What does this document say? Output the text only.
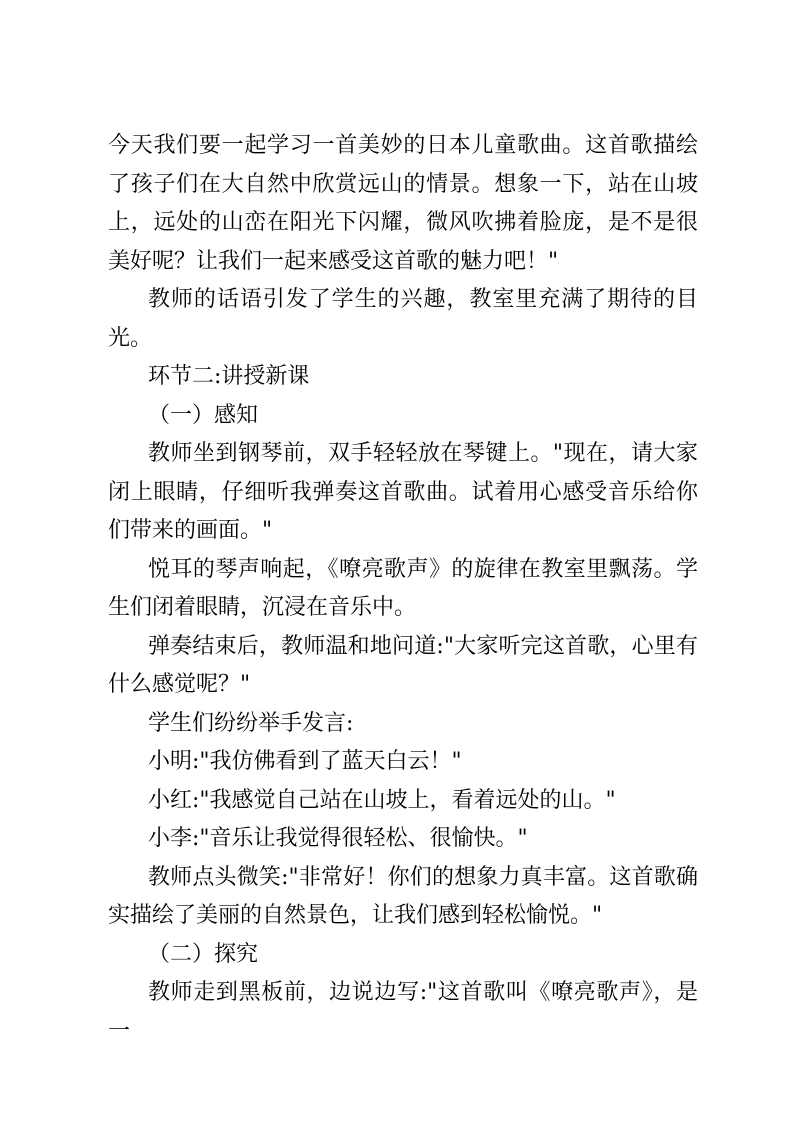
今天我们要一起学习一首美妙的日本儿童歌曲。这首歌描绘了孩子们在大自然中欣赏远山的情景。想象一下，站在山坡上，远处的山峦在阳光下闪耀，微风吹拂着脸庞，是不是很美好呢？让我们一起来感受这首歌的魅力吧！"

教师的话语引发了学生的兴趣，教室里充满了期待的目光。

环节二:讲授新课

（一）感知

教师坐到钢琴前，双手轻轻放在琴键上。"现在，请大家闭上眼睛，仔细听我弹奏这首歌曲。试着用心感受音乐给你们带来的画面。"

悦耳的琴声响起，《嘹亮歌声》的旋律在教室里飘荡。学生们闭着眼睛，沉浸在音乐中。

弹奏结束后，教师温和地问道:"大家听完这首歌，心里有什么感觉呢？"

学生们纷纷举手发言:

小明:"我仿佛看到了蓝天白云！"

小红:"我感觉自己站在山坡上，看着远处的山。"

小李:"音乐让我觉得很轻松、很愉快。"

教师点头微笑:"非常好！你们的想象力真丰富。这首歌确实描绘了美丽的自然景色，让我们感到轻松愉悦。"

（二）探究

教师走到黑板前，边说边写:"这首歌叫《嘹亮歌声》，是一
